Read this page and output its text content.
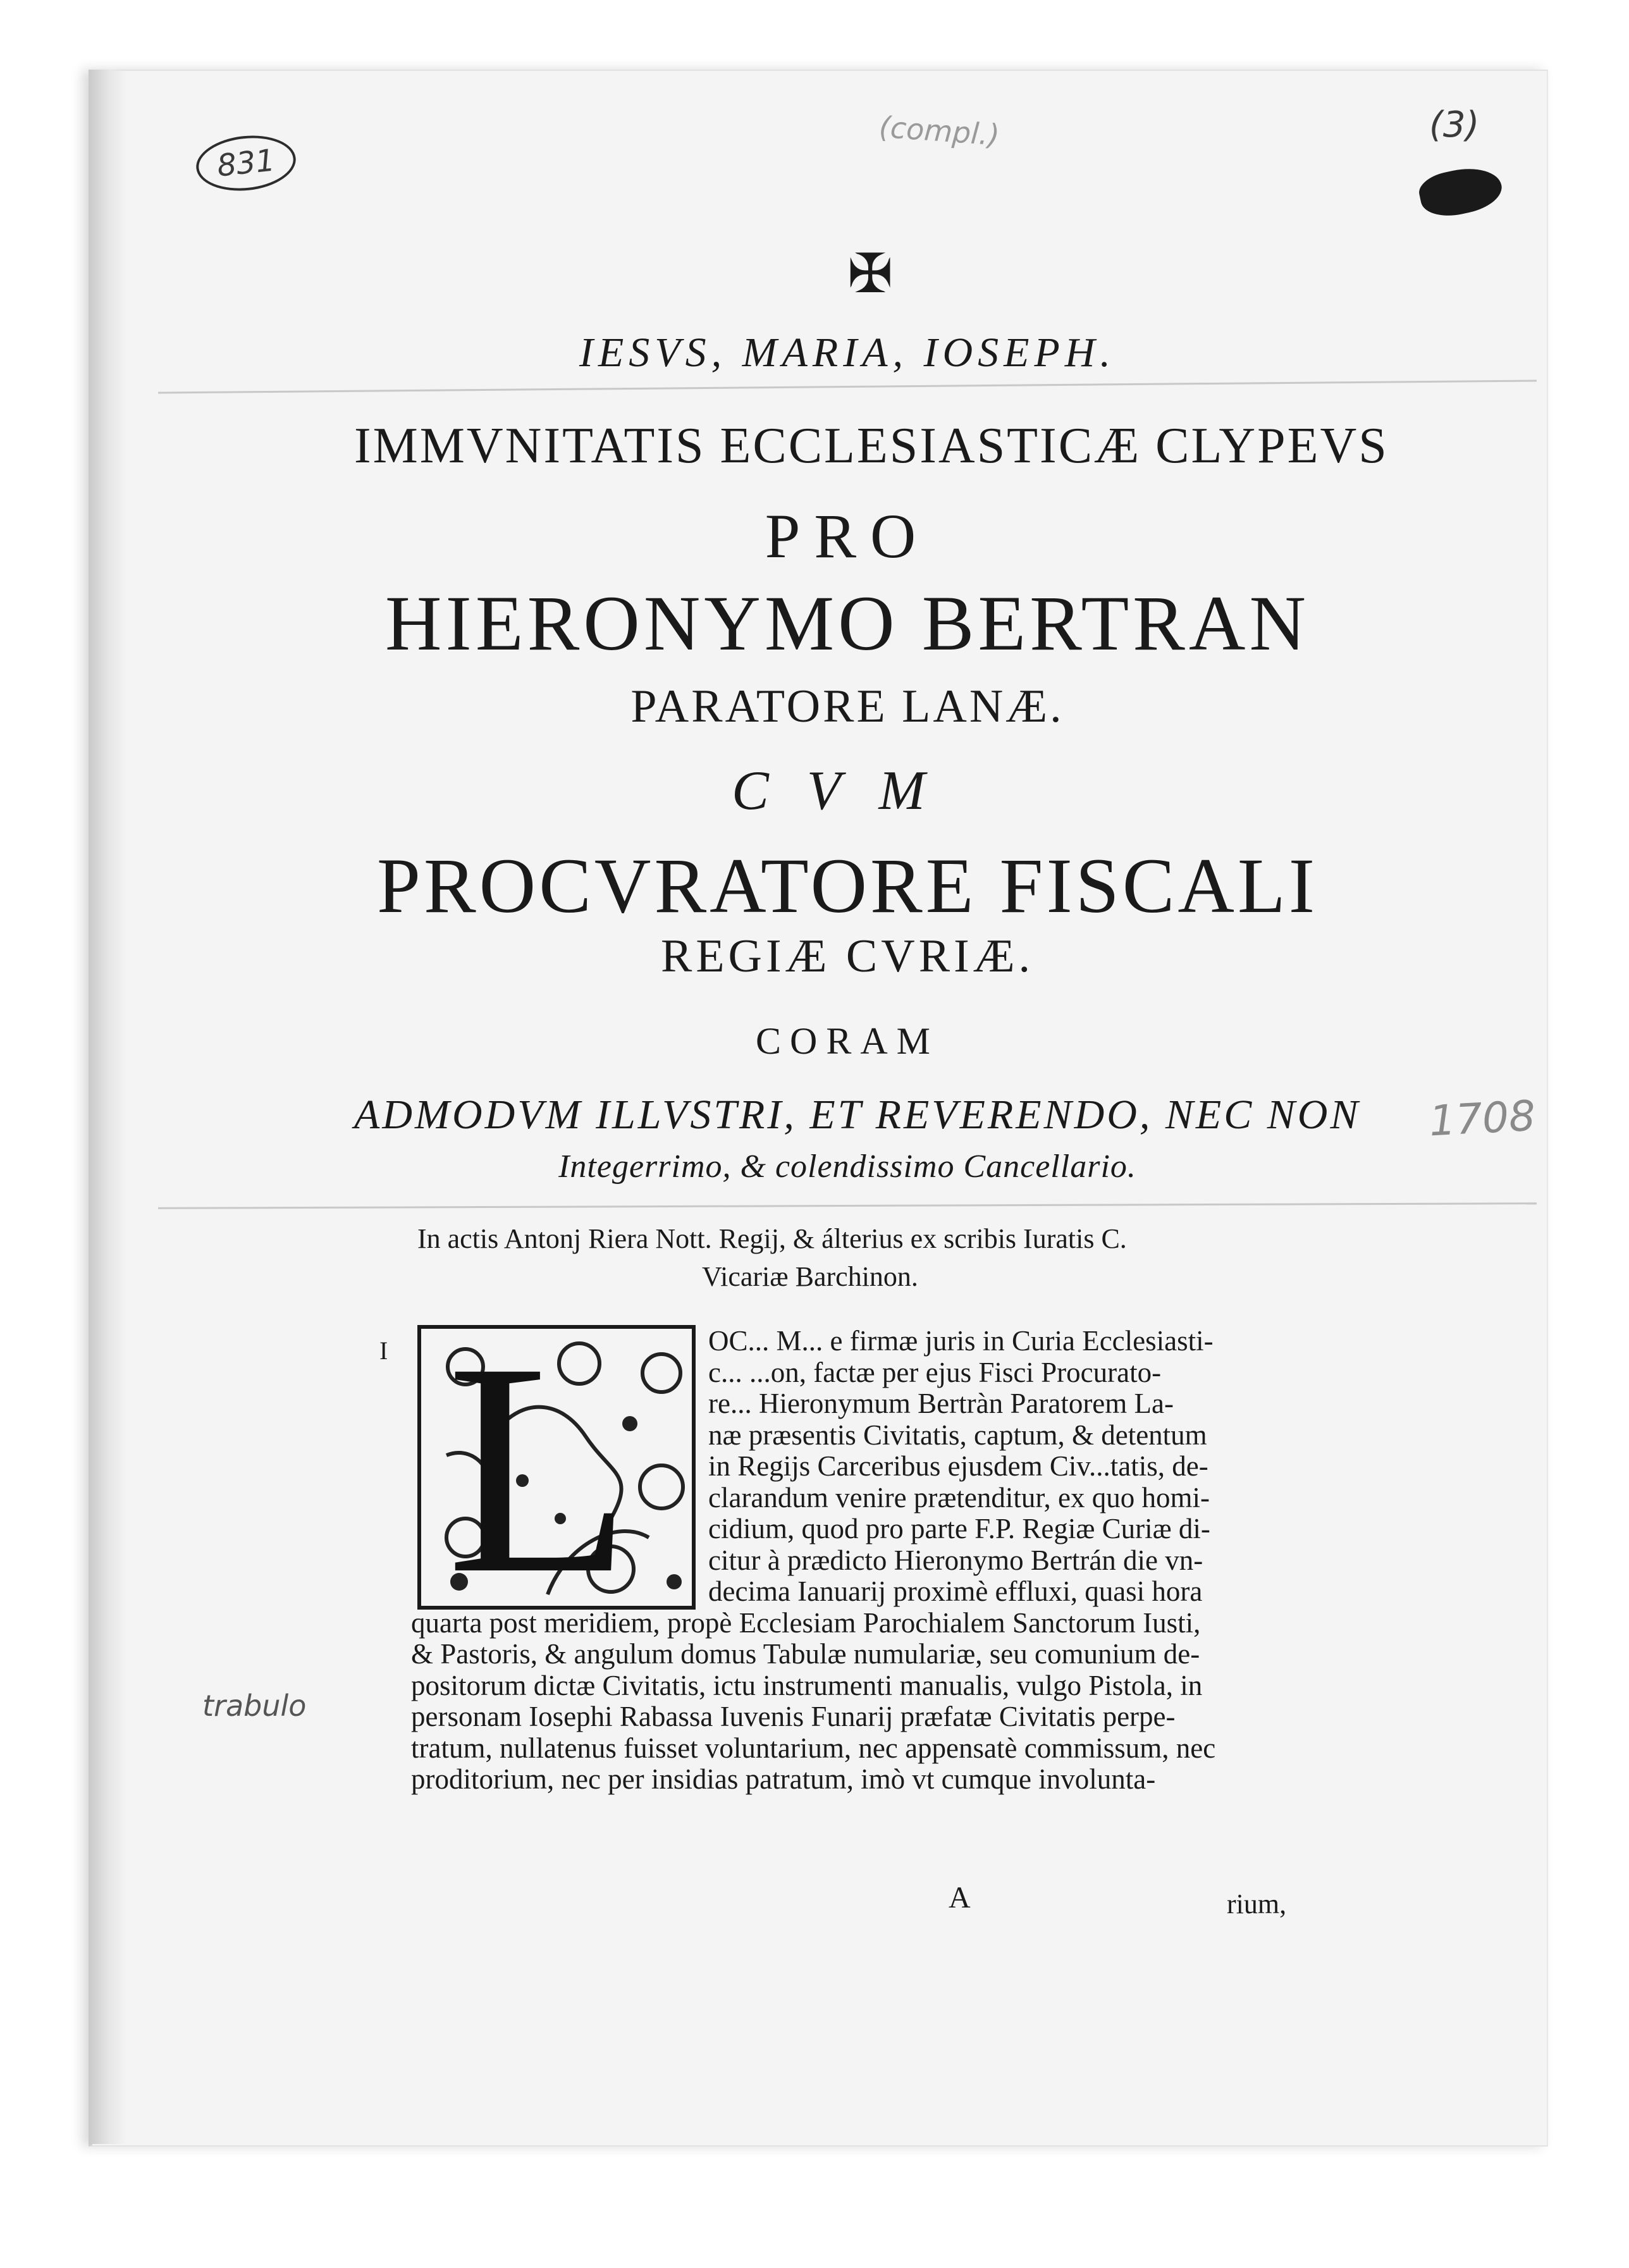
831
(compl.)	(3)
1708
trabulo
✠
IESVS, MARIA, IOSEPH.
IMMVNITATIS ECCLESIASTICÆ CLYPEVS
PRO
HIERONYMO BERTRAN
PARATORE LANÆ.
CVM
PROCVRATORE FISCALI
REGIÆ CVRIÆ.
CORAM
ADMODVM ILLVSTRI, ET REVERENDO, NEC NON
Integerrimo, & colendissimo Cancellario.
In actis Antonj Riera Nott. Regij, & álterius ex scribis Iuratis C.
Vicariæ Barchinon.
I L	OC... M... e firmæ juris in Curia Ecclesiasti-
c... ...on, factæ per ejus Fisci Procurato-
re... Hieronymum Bertràn Paratorem La-
næ præsentis Civitatis, captum, & detentum
in Regijs Carceribus ejusdem Civ...tatis, de-
clarandum venire prætenditur, ex quo homi-
cidium, quod pro parte F.P. Regiæ Curiæ di-
citur à prædicto Hieronymo Bertrán die vn-
decima Ianuarij proximè effluxi, quasi hora
quarta post meridiem, propè Ecclesiam Parochialem Sanctorum Iusti,
& Pastoris, & angulum domus Tabulæ numulariæ, seu comunium de-
positorum dictæ Civitatis, ictu instrumenti manualis, vulgo Pistola, in
personam Iosephi Rabassa Iuvenis Funarij præfatæ Civitatis perpe-
tratum, nullatenus fuisset voluntarium, nec appensatè commissum, nec
proditorium, nec per insidias patratum, imò vt cumque involunta-
A	rium,
